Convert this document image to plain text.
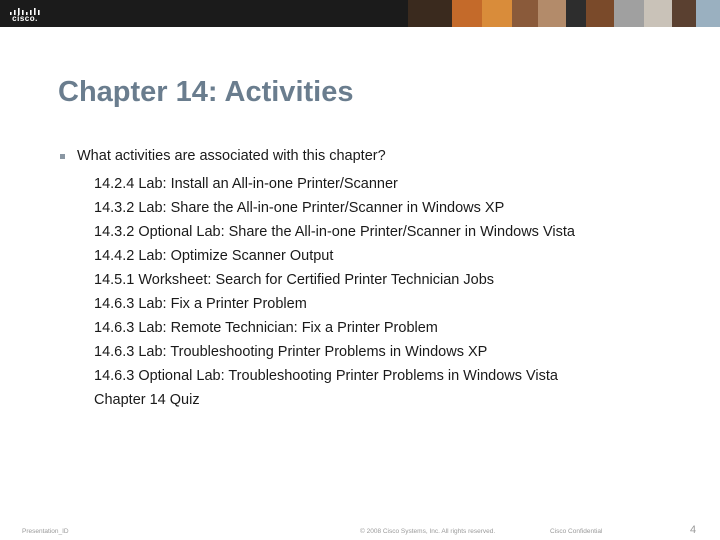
cisco.
Chapter 14: Activities
What activities are associated with this chapter?
14.2.4 Lab: Install an All-in-one Printer/Scanner
14.3.2 Lab: Share the All-in-one Printer/Scanner in Windows XP
14.3.2 Optional Lab: Share the All-in-one Printer/Scanner in Windows Vista
14.4.2 Lab: Optimize Scanner Output
14.5.1 Worksheet: Search for Certified Printer Technician Jobs
14.6.3 Lab: Fix a Printer Problem
14.6.3 Lab: Remote Technician: Fix a Printer Problem
14.6.3 Lab: Troubleshooting Printer Problems in Windows XP
14.6.3 Optional Lab: Troubleshooting Printer Problems in Windows Vista
Chapter 14 Quiz
Presentation_ID	© 2008 Cisco Systems, Inc. All rights reserved.	Cisco Confidential	4
